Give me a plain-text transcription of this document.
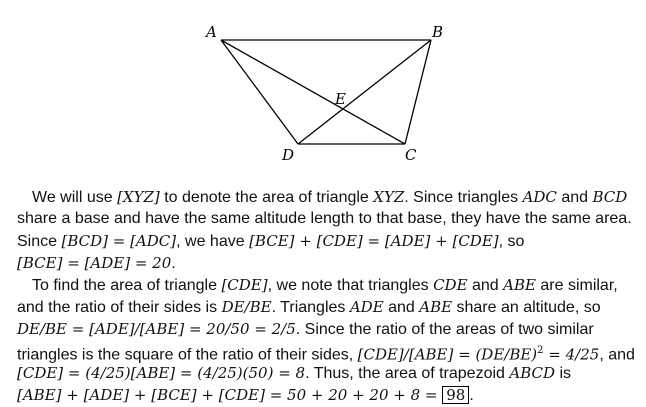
A	B
C
D
E
We will use [XYZ] to denote the area of triangle XYZ. Since triangles ADC and BCD
share a base and have the same altitude length to that base, they have the same area.
Since [BCD] = [ADC], we have [BCE] + [CDE] = [ADE] + [CDE], so
[BCE] = [ADE] = 20.
To find the area of triangle [CDE], we note that triangles CDE and ABE are similar,
and the ratio of their sides is DE/BE. Triangles ADE and ABE share an altitude, so
DE/BE = [ADE]/[ABE] = 20/50 = 2/5. Since the ratio of the areas of two similar
triangles is the square of the ratio of their sides, $[CDE]/[ABE] = (DE/BE)^2 = 4/25$, and
[CDE] = (4/25)[ABE] = (4/25)(50) = 8. Thus, the area of trapezoid ABCD is
[ABE] + [ADE] + [BCE] + [CDE] = 50 + 20 + 20 + 8 = 98 .
